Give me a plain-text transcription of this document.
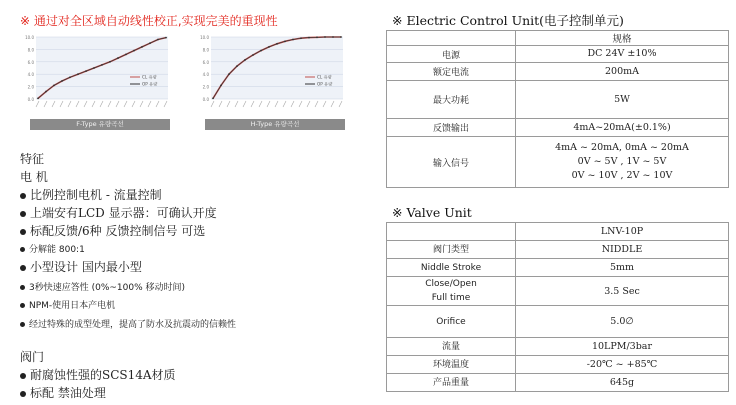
※ 通过对全区域自动线性校正,实现完美的重现性
10.0
8.0
6.0
4.0
2.0
0.0
CL 유량
OP 유량
F-Type 유량곡선
10.0
8.0
6.0
4.0
2.0
0.0
CL 유량
OP 유량
H-Type 유량곡선
特征
电 机
比例控制电机 - 流量控制
上端安有LCD 显示器：可确认开度
标配反馈/6种 反馈控制信号 可选
分解能 800:1
小型设计 国内最小型
3秒快速应答性 (0%~100% 移动时间)
NPM-使用日本产电机
经过特殊的成型处理，提高了防水及抗震动的信赖性
阀门
耐腐蚀性强的SCS14A材质
标配 禁油处理
※ Electric Control Unit(电子控制单元)
	规格
电源	DC 24V ±10%

额定电流	200mA

最大功耗	5W

反馈输出	4mA~20mA(±0.1%)

输入信号	4mA ~ 20mA, 0mA ~ 20mA
0V ~ 5V , 1V ~ 5V
0V ~ 10V , 2V ~ 10V
※ Valve Unit
	LNV-10P
阀门类型	NIDDLE
Niddle Stroke	5mm
Close/Open
Full time	3.5 Sec
Orifice	5.0∅
流量	10LPM/3bar
环境温度	-20℃ ~ +85℃
产品重量	645g
